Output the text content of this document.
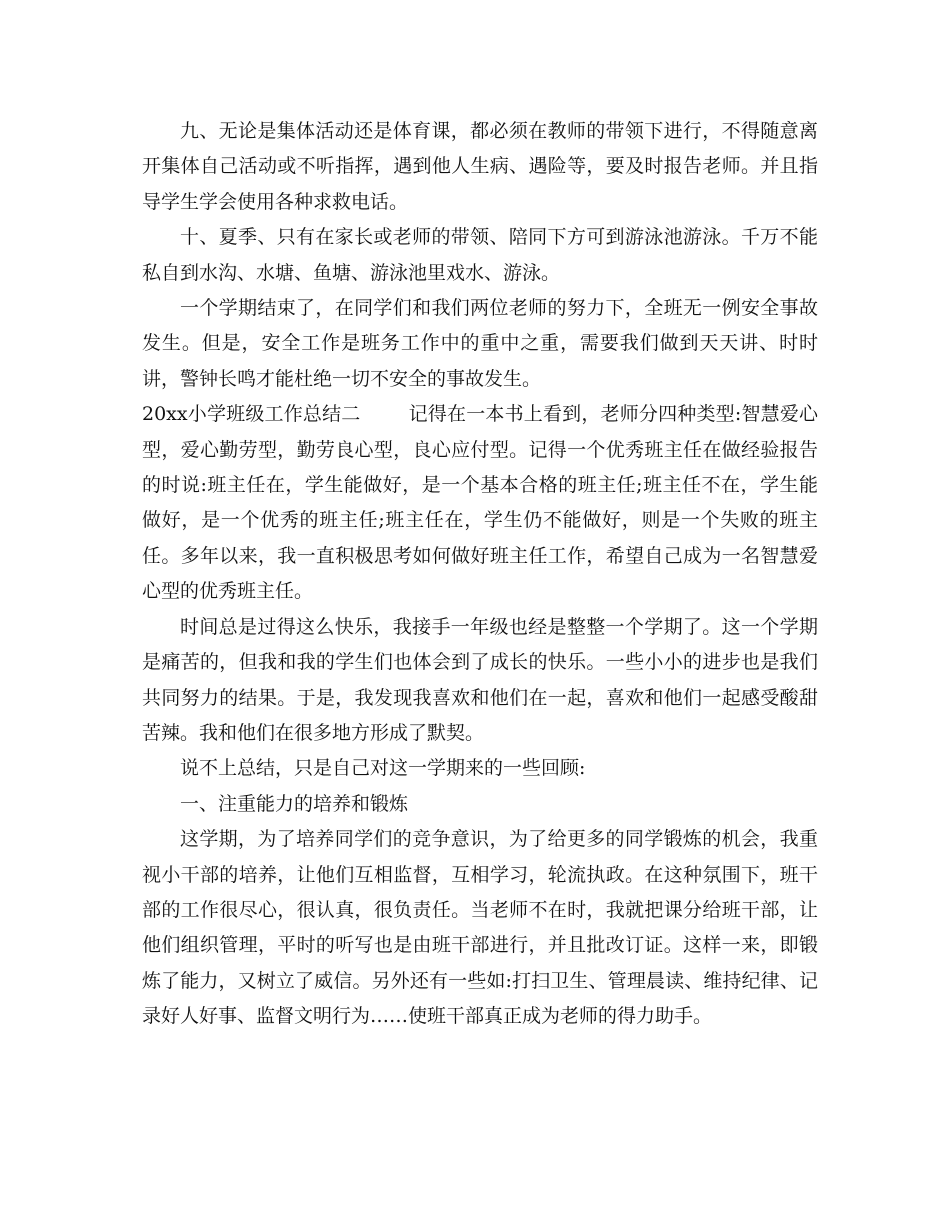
九、无论是集体活动还是体育课，都必须在教师的带领下进行，不得随意离开集体自己活动或不听指挥，遇到他人生病、遇险等，要及时报告老师。并且指导学生学会使用各种求救电话。

十、夏季、只有在家长或老师的带领、陪同下方可到游泳池游泳。千万不能私自到水沟、水塘、鱼塘、游泳池里戏水、游泳。

一个学期结束了，在同学们和我们两位老师的努力下，全班无一例安全事故发生。但是，安全工作是班务工作中的重中之重，需要我们做到天天讲、时时讲，警钟长鸣才能杜绝一切不安全的事故发生。

20xx小学班级工作总结二	记得在一本书上看到，老师分四种类型:智慧爱心型，爱心勤劳型，勤劳良心型，良心应付型。记得一个优秀班主任在做经验报告的时说:班主任在，学生能做好，是一个基本合格的班主任;班主任不在，学生能做好，是一个优秀的班主任;班主任在，学生仍不能做好，则是一个失败的班主任。多年以来，我一直积极思考如何做好班主任工作，希望自己成为一名智慧爱心型的优秀班主任。

时间总是过得这么快乐，我接手一年级也经是整整一个学期了。这一个学期是痛苦的，但我和我的学生们也体会到了成长的快乐。一些小小的进步也是我们共同努力的结果。于是，我发现我喜欢和他们在一起，喜欢和他们一起感受酸甜苦辣。我和他们在很多地方形成了默契。

说不上总结，只是自己对这一学期来的一些回顾:

一、注重能力的培养和锻炼

这学期，为了培养同学们的竞争意识，为了给更多的同学锻炼的机会，我重视小干部的培养，让他们互相监督，互相学习，轮流执政。在这种氛围下，班干部的工作很尽心，很认真，很负责任。当老师不在时，我就把课分给班干部，让他们组织管理，平时的听写也是由班干部进行，并且批改订证。这样一来，即锻炼了能力，又树立了威信。另外还有一些如:打扫卫生、管理晨读、维持纪律、记录好人好事、监督文明行为……使班干部真正成为老师的得力助手。
